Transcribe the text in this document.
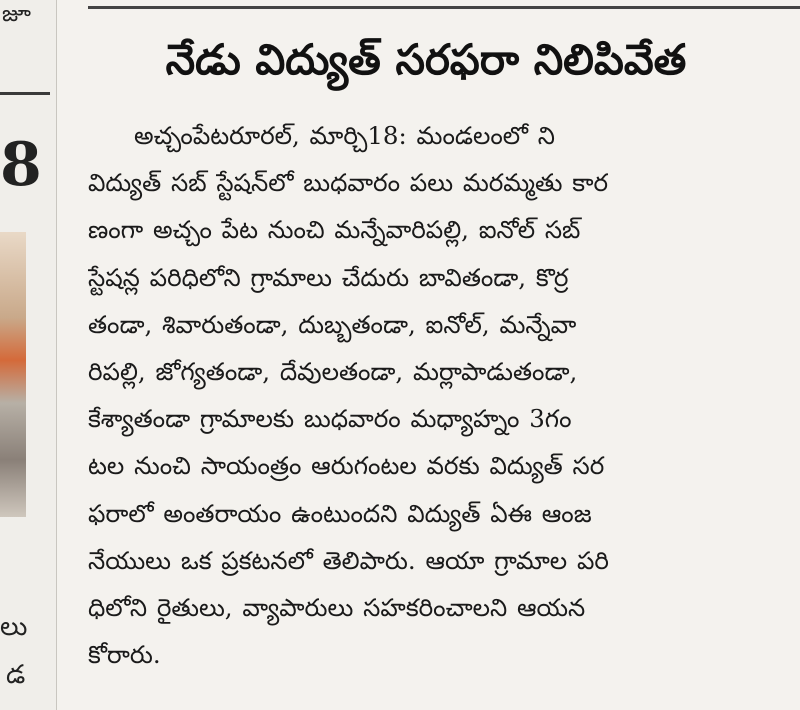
జూ
8
లు
డ
నేడు విద్యుత్ సరఫరా నిలిపివేత
అచ్చంపేటరూరల్, మార్చి18: మండలంలో ని
విద్యుత్ సబ్ స్టేషన్‌లో బుధవారం పలు మరమ్మతు కార
ణంగా అచ్చం పేట నుంచి మన్నేవారిపల్లి, ఐనోల్ సబ్
స్టేషన్ల పరిధిలోని గ్రామాలు చేదురు బావితండా, కొర్ర
తండా, శివారుతండా, దుబ్బతండా, ఐనోల్, మన్నేవా
రిపల్లి, జోగ్యతండా, దేవులతండా, మర్లాపాడుతండా,
కేశ్యాతండా గ్రామాలకు బుధవారం మధ్యాహ్నం 3గం
టల నుంచి సాయంత్రం ఆరుగంటల వరకు విద్యుత్ సర
ఫరాలో అంతరాయం ఉంటుందని విద్యుత్ ఏఈ ఆంజ
నేయులు ఒక ప్రకటనలో తెలిపారు. ఆయా గ్రామాల పరి
ధిలోని రైతులు, వ్యాపారులు సహకరించాలని ఆయన
కోరారు.
